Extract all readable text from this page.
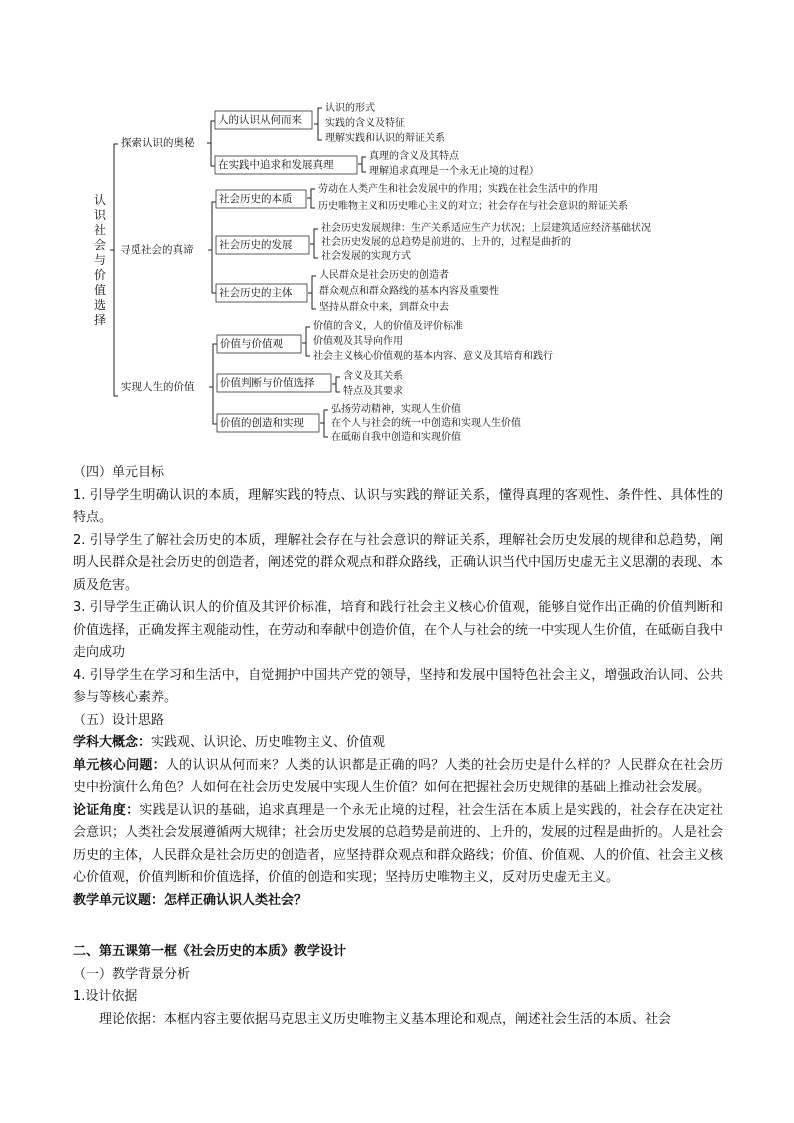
认识社会与价值选择
探索认识的奥秘
人的认识从何而来
认识的形式
实践的含义及特征
理解实践和认识的辩证关系
在实践中追求和发展真理
真理的含义及其特点
理解追求真理是一个永无止境的过程）
寻觅社会的真谛
社会历史的本质
劳动在人类产生和社会发展中的作用；实践在社会生活中的作用
历史唯物主义和历史唯心主义的对立；社会存在与社会意识的辩证关系
社会历史的发展
社会历史发展规律：生产关系适应生产力状况；上层建筑适应经济基础状况
社会历史发展的总趋势是前进的、上升的，过程是曲折的
社会发展的实现方式
社会历史的主体
人民群众是社会历史的创造者
群众观点和群众路线的基本内容及重要性
坚持从群众中来，到群众中去
实现人生的价值
价值与价值观
价值的含义，人的价值及评价标准
价值观及其导向作用
社会主义核心价值观的基本内容、意义及其培育和践行
价值判断与价值选择
含义及其关系
特点及其要求
价值的创造和实现
弘扬劳动精神，实现人生价值
在个人与社会的统一中创造和实现人生价值
在砥砺自我中创造和实现价值

（四）单元目标

1. 引导学生明确认识的本质，理解实践的特点、认识与实践的辩证关系，懂得真理的客观性、条件性、具体性的特点。

2. 引导学生了解社会历史的本质，理解社会存在与社会意识的辩证关系，理解社会历史发展的规律和总趋势，阐明人民群众是社会历史的创造者，阐述党的群众观点和群众路线，正确认识当代中国历史虚无主义思潮的表现、本质及危害。

3. 引导学生正确认识人的价值及其评价标准，培育和践行社会主义核心价值观，能够自觉作出正确的价值判断和价值选择，正确发挥主观能动性，在劳动和奉献中创造价值，在个人与社会的统一中实现人生价值，在砥砺自我中走向成功

4. 引导学生在学习和生活中，自觉拥护中国共产党的领导，坚持和发展中国特色社会主义，增强政治认同、公共参与等核心素养。

（五）设计思路

学科大概念：实践观、认识论、历史唯物主义、价值观

单元核心问题：人的认识从何而来？人类的认识都是正确的吗？人类的社会历史是什么样的？人民群众在社会历史中扮演什么角色？人如何在社会历史发展中实现人生价值？如何在把握社会历史规律的基础上推动社会发展。

论证角度：实践是认识的基础，追求真理是一个永无止境的过程，社会生活在本质上是实践的，社会存在决定社会意识；人类社会发展遵循两大规律；社会历史发展的总趋势是前进的、上升的，发展的过程是曲折的。人是社会历史的主体，人民群众是社会历史的创造者，应坚持群众观点和群众路线；价值、价值观、人的价值、社会主义核心价值观，价值判断和价值选择，价值的创造和实现；坚持历史唯物主义，反对历史虚无主义。

教学单元议题：怎样正确认识人类社会？

二、第五课第一框《社会历史的本质》教学设计

（一）教学背景分析

1.设计依据

理论依据：本框内容主要依据马克思主义历史唯物主义基本理论和观点，阐述社会生活的本质、社会
